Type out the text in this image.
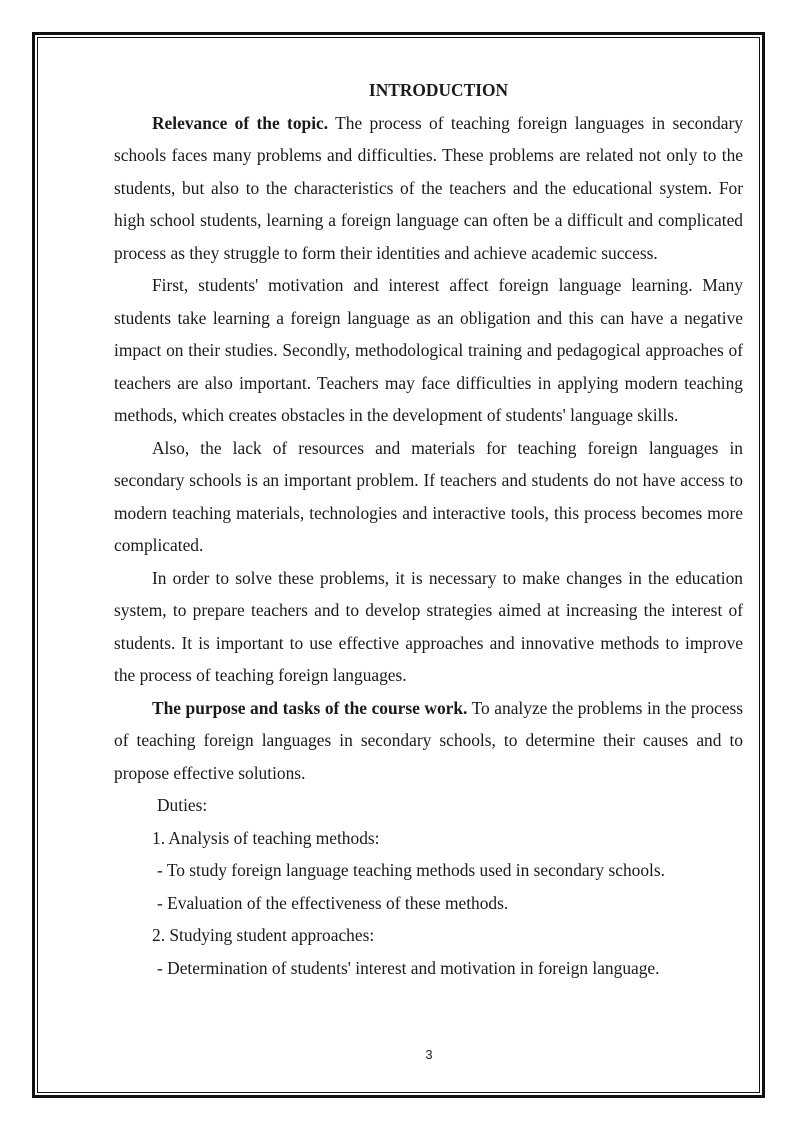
INTRODUCTION

Relevance of the topic. The process of teaching foreign languages in secondary schools faces many problems and difficulties. These problems are related not only to the students, but also to the characteristics of the teachers and the educational system. For high school students, learning a foreign language can often be a difficult and complicated process as they struggle to form their identities and achieve academic success.

First, students' motivation and interest affect foreign language learning. Many students take learning a foreign language as an obligation and this can have a negative impact on their studies. Secondly, methodological training and pedagogical approaches of teachers are also important. Teachers may face difficulties in applying modern teaching methods, which creates obstacles in the development of students' language skills.

Also, the lack of resources and materials for teaching foreign languages in secondary schools is an important problem. If teachers and students do not have access to modern teaching materials, technologies and interactive tools, this process becomes more complicated.

In order to solve these problems, it is necessary to make changes in the education system, to prepare teachers and to develop strategies aimed at increasing the interest of students. It is important to use effective approaches and innovative methods to improve the process of teaching foreign languages.

The purpose and tasks of the course work. To analyze the problems in the process of teaching foreign languages in secondary schools, to determine their causes and to propose effective solutions.

Duties:
1. Analysis of teaching methods:
- To study foreign language teaching methods used in secondary schools.
- Evaluation of the effectiveness of these methods.
2. Studying student approaches:
- Determination of students' interest and motivation in foreign language.
3
